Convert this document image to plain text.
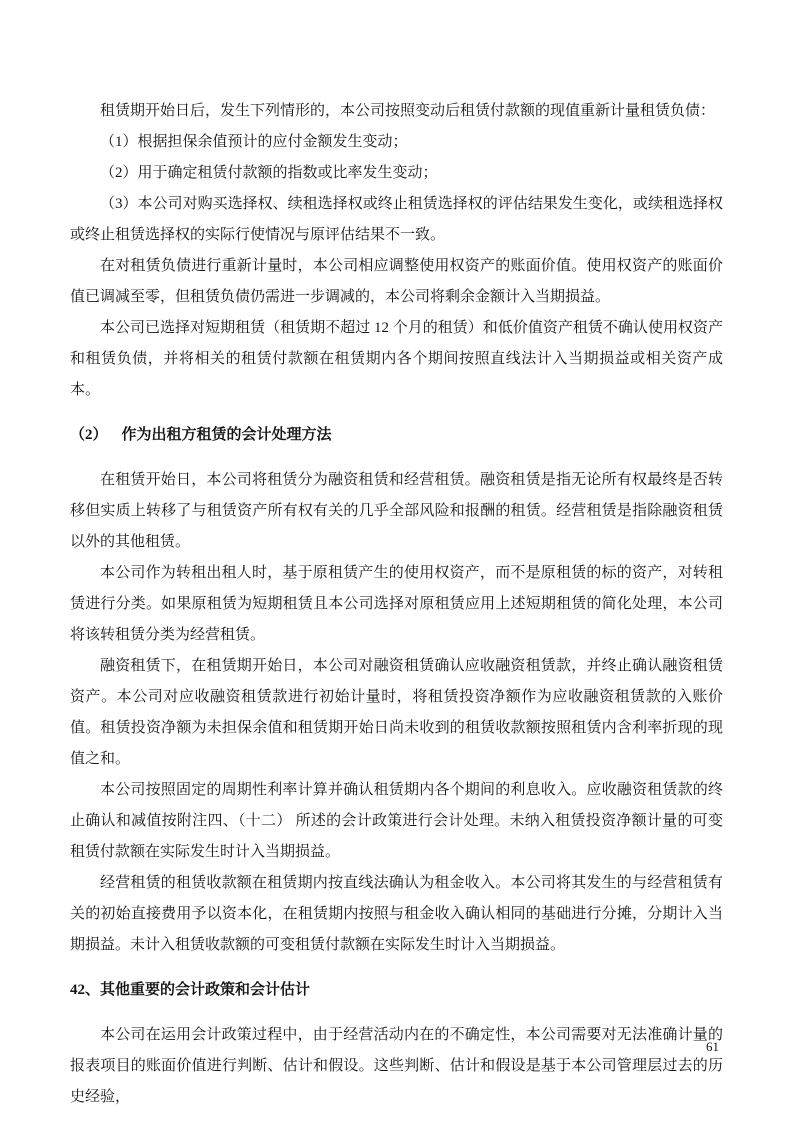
租赁期开始日后，发生下列情形的，本公司按照变动后租赁付款额的现值重新计量租赁负债：

（1）根据担保余值预计的应付金额发生变动；

（2）用于确定租赁付款额的指数或比率发生变动；

（3）本公司对购买选择权、续租选择权或终止租赁选择权的评估结果发生变化，或续租选择权或终止租赁选择权的实际行使情况与原评估结果不一致。

在对租赁负债进行重新计量时，本公司相应调整使用权资产的账面价值。使用权资产的账面价值已调减至零，但租赁负债仍需进一步调减的，本公司将剩余金额计入当期损益。

本公司已选择对短期租赁（租赁期不超过 12 个月的租赁）和低价值资产租赁不确认使用权资产和租赁负债，并将相关的租赁付款额在租赁期内各个期间按照直线法计入当期损益或相关资产成本。

（2） 作为出租方租赁的会计处理方法

在租赁开始日，本公司将租赁分为融资租赁和经营租赁。融资租赁是指无论所有权最终是否转移但实质上转移了与租赁资产所有权有关的几乎全部风险和报酬的租赁。经营租赁是指除融资租赁以外的其他租赁。

本公司作为转租出租人时，基于原租赁产生的使用权资产，而不是原租赁的标的资产，对转租赁进行分类。如果原租赁为短期租赁且本公司选择对原租赁应用上述短期租赁的简化处理，本公司将该转租赁分类为经营租赁。

融资租赁下，在租赁期开始日，本公司对融资租赁确认应收融资租赁款，并终止确认融资租赁资产。本公司对应收融资租赁款进行初始计量时，将租赁投资净额作为应收融资租赁款的入账价值。租赁投资净额为未担保余值和租赁期开始日尚未收到的租赁收款额按照租赁内含利率折现的现值之和。

本公司按照固定的周期性利率计算并确认租赁期内各个期间的利息收入。应收融资租赁款的终止确认和减值按附注四、（十二） 所述的会计政策进行会计处理。未纳入租赁投资净额计量的可变租赁付款额在实际发生时计入当期损益。

经营租赁的租赁收款额在租赁期内按直线法确认为租金收入。本公司将其发生的与经营租赁有关的初始直接费用予以资本化，在租赁期内按照与租金收入确认相同的基础进行分摊，分期计入当期损益。未计入租赁收款额的可变租赁付款额在实际发生时计入当期损益。

42、其他重要的会计政策和会计估计

本公司在运用会计政策过程中，由于经营活动内在的不确定性，本公司需要对无法准确计量的报表项目的账面价值进行判断、估计和假设。这些判断、估计和假设是基于本公司管理层过去的历史经验，

61
